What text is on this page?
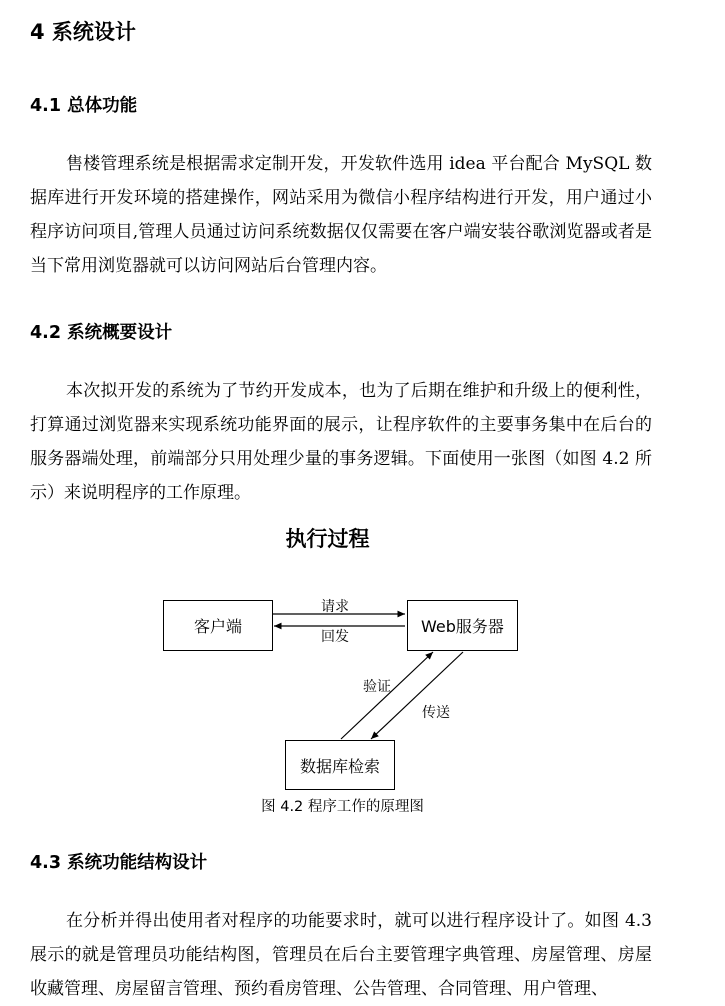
4 系统设计
4.1 总体功能
售楼管理系统是根据需求定制开发，开发软件选用 idea 平台配合 MySQL 数据库进行开发环境的搭建操作，网站采用为微信小程序结构进行开发，用户通过小程序访问项目,管理人员通过访问系统数据仅仅需要在客户端安装谷歌浏览器或者是当下常用浏览器就可以访问网站后台管理内容。
4.2 系统概要设计
本次拟开发的系统为了节约开发成本，也为了后期在维护和升级上的便利性，打算通过浏览器来实现系统功能界面的展示，让程序软件的主要事务集中在后台的服务器端处理，前端部分只用处理少量的事务逻辑。下面使用一张图（如图 4.2 所示）来说明程序的工作原理。
执行过程
客户端	Web服务器
数据库检索
请求
回发
验证
传送
图 4.2 程序工作的原理图
4.3 系统功能结构设计
在分析并得出使用者对程序的功能要求时，就可以进行程序设计了。如图 4.3 展示的就是管理员功能结构图，管理员在后台主要管理字典管理、房屋管理、房屋收藏管理、房屋留言管理、预约看房管理、公告管理、合同管理、用户管理、
